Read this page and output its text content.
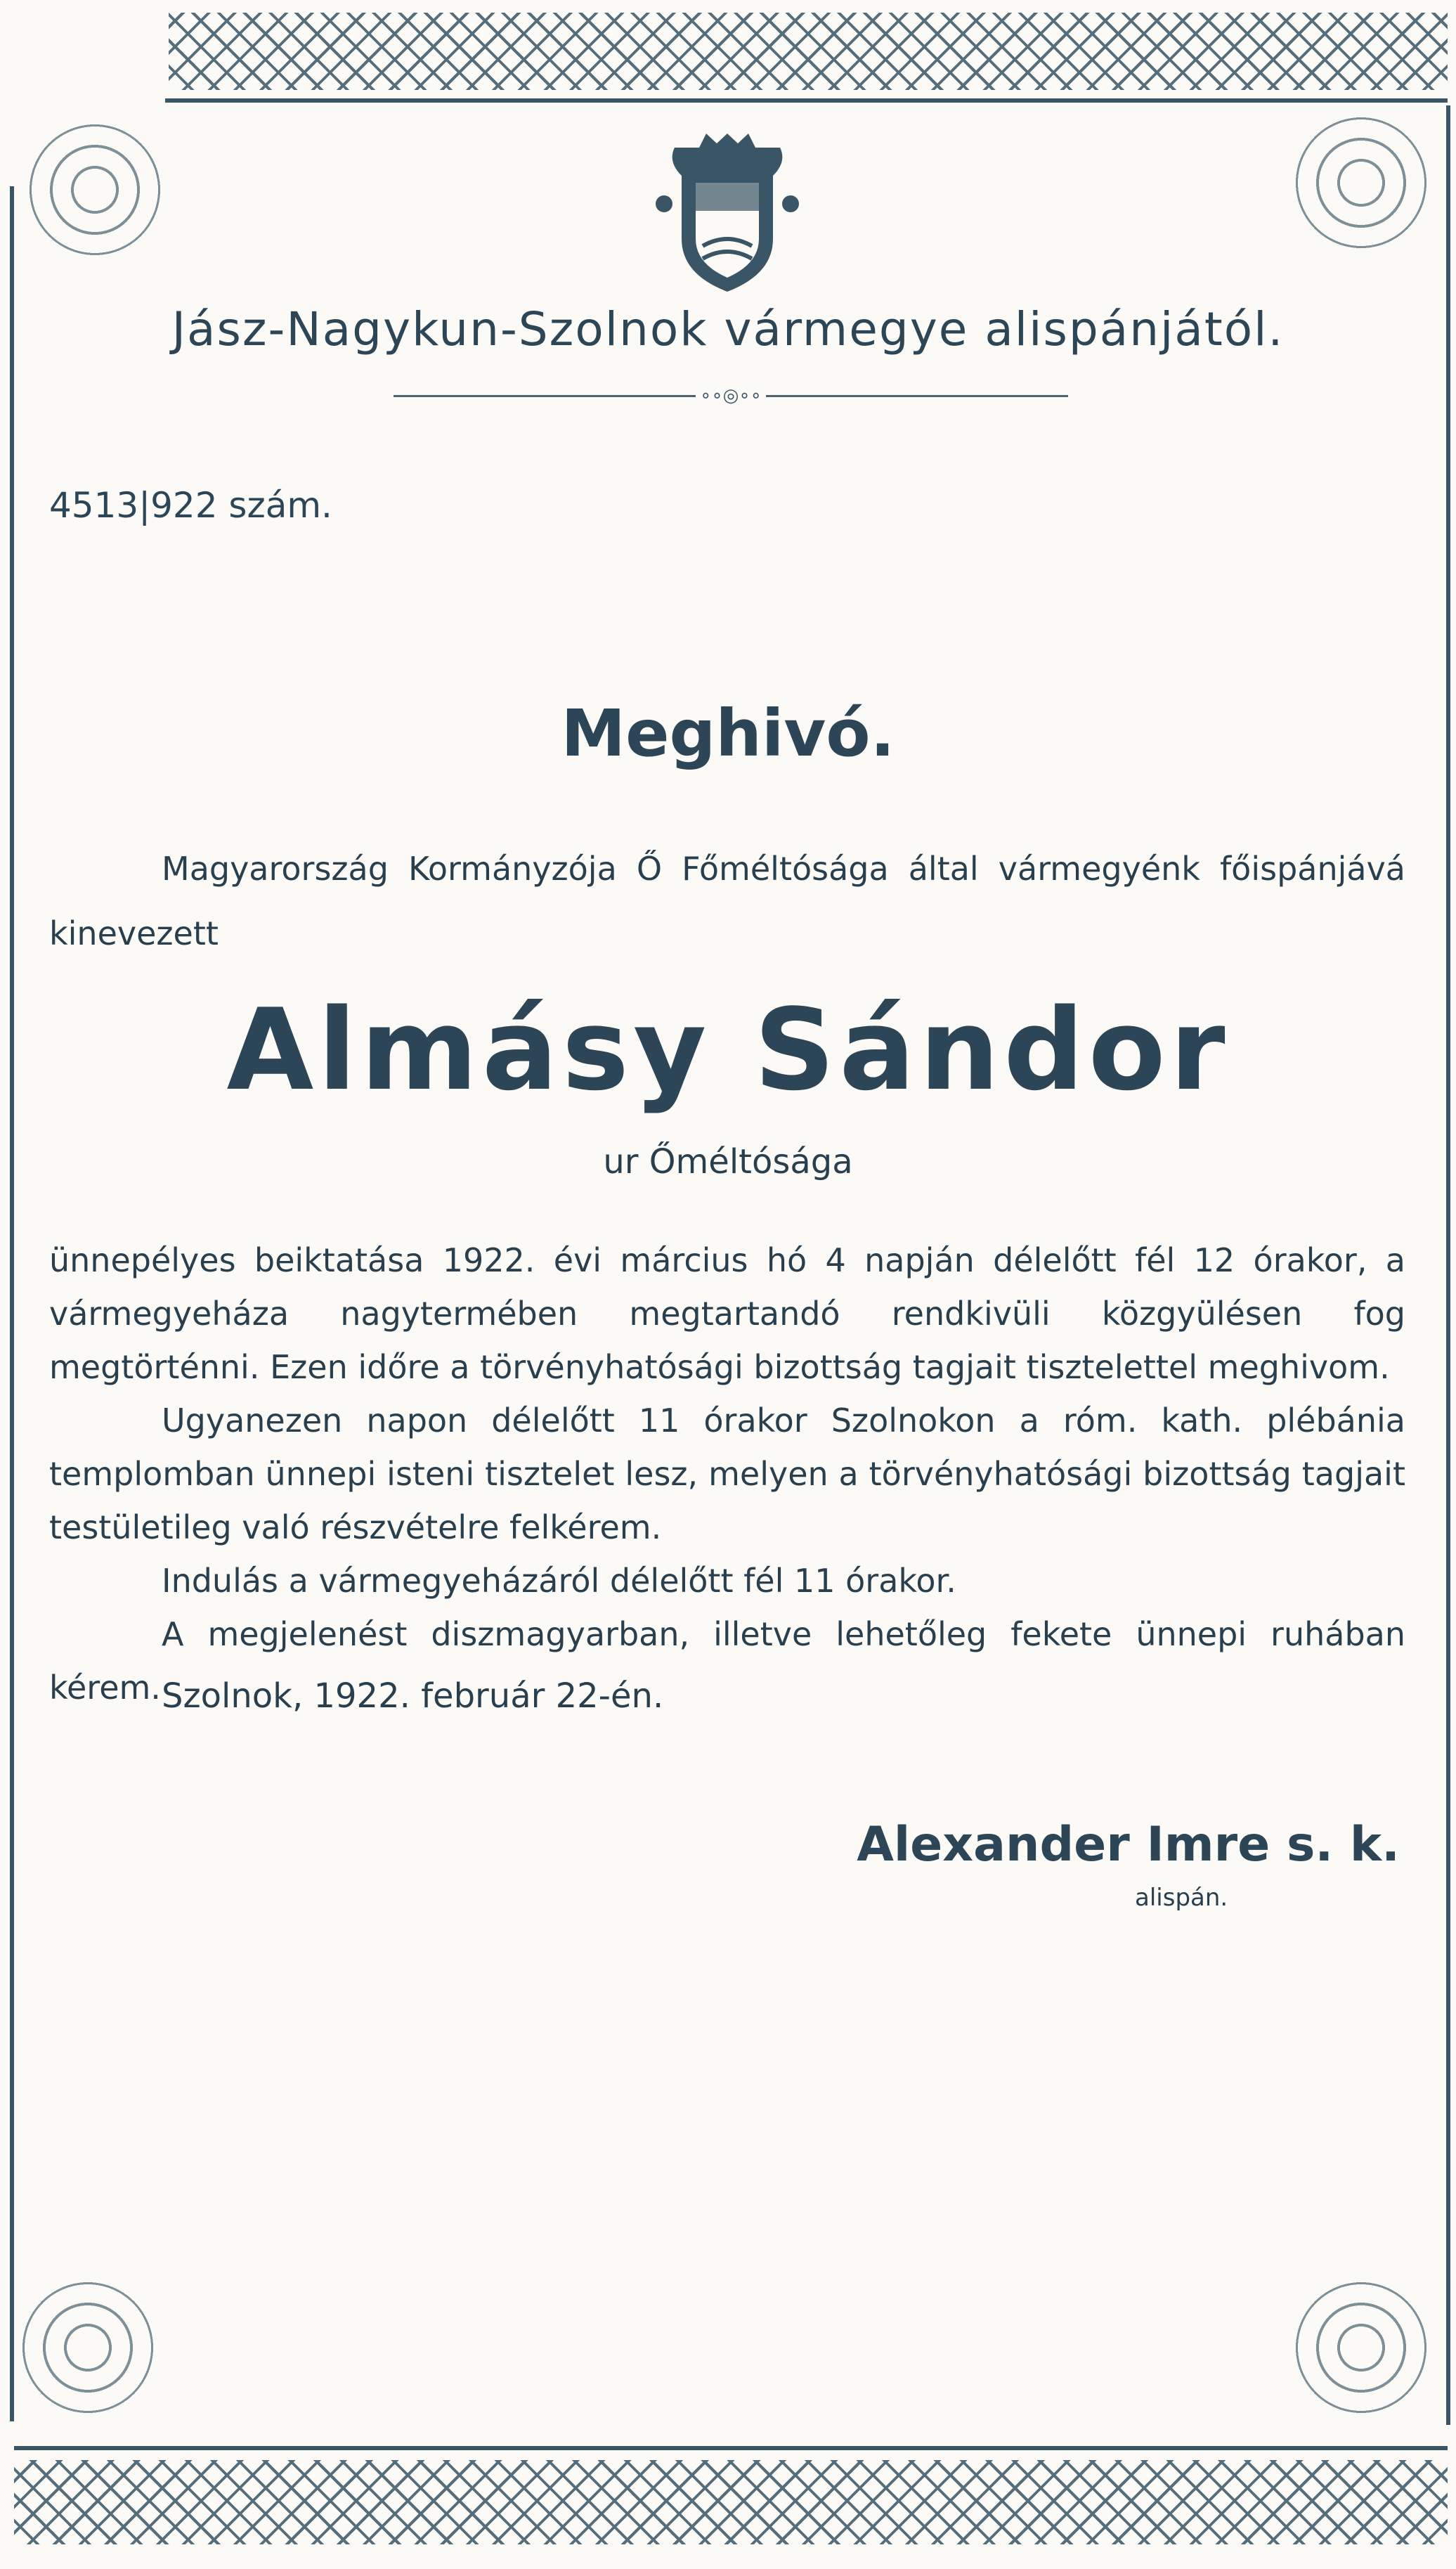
Jász-Nagykun-Szolnok vármegye alispánjától.
∘∘◎∘∘
4513|922 szám.
Meghivó.
Magyarország Kormányzója Ő Főméltósága által vármegyénk főispánjává kinevezett
Almásy Sándor
ur Őméltósága

ünnepélyes beiktatása 1922. évi március hó 4 napján délelőtt fél 12 órakor, a vármegyeháza nagytermében megtartandó rendkivüli közgyülésen fog megtörténni. Ezen időre a törvényhatósági bizottság tagjait tisztelettel meghivom.

Ugyanezen napon délelőtt 11 órakor Szolnokon a róm. kath. plébánia templomban ünnepi isteni tisztelet lesz, melyen a törvényhatósági bizottság tagjait testületileg való részvételre felkérem.

Indulás a vármegyeházáról délelőtt fél 11 órakor.

A megjelenést diszmagyarban, illetve lehetőleg fekete ünnepi ruhában kérem. Szolnok, 1922. február 22-én.
Alexander Imre s. k.
alispán.
